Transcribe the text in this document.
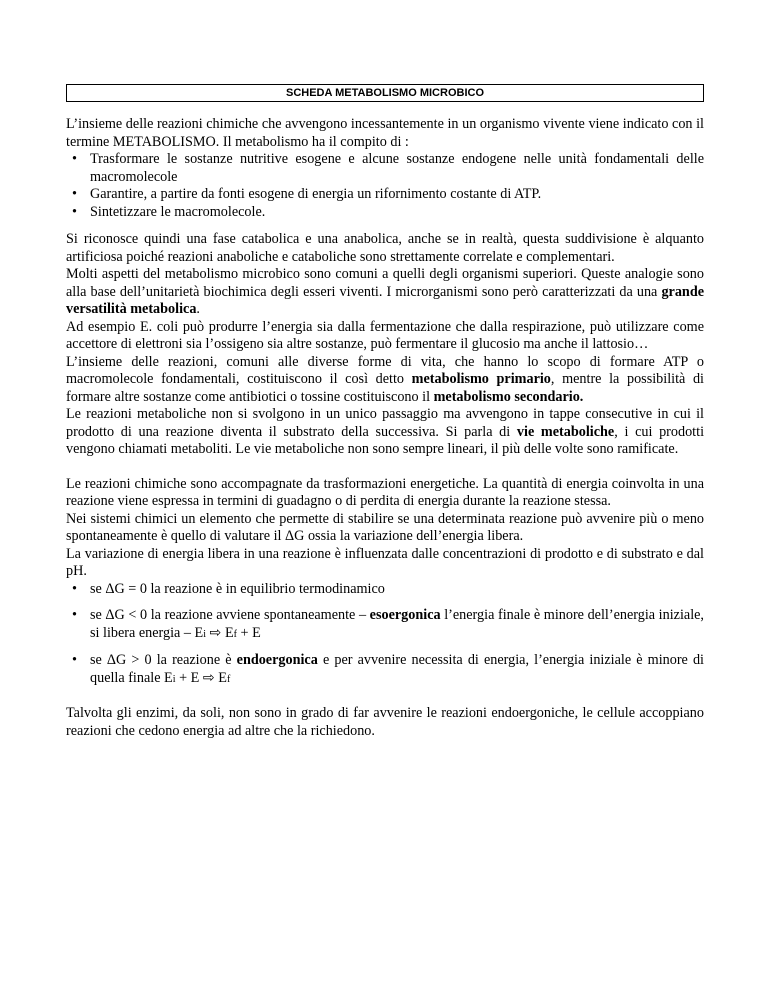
SCHEDA METABOLISMO MICROBICO

L’insieme delle reazioni chimiche che avvengono incessantemente in un organismo vivente viene indicato con il termine METABOLISMO. Il metabolismo ha il compito di :

• Trasformare le sostanze nutritive esogene e alcune sostanze endogene nelle unità fondamentali delle macromolecole
• Garantire, a partire da fonti esogene di energia un rifornimento costante di ATP.
• Sintetizzare le macromolecole.

Si riconosce quindi una fase catabolica e una anabolica, anche se in realtà, questa suddivisione è alquanto artificiosa poiché reazioni anaboliche e cataboliche sono strettamente correlate e complementari.

Molti aspetti del metabolismo microbico sono comuni a quelli degli organismi superiori. Queste analogie sono alla base dell’unitarietà biochimica degli esseri viventi. I microrganismi sono però caratterizzati da una grande versatilità metabolica.

Ad esempio E. coli può produrre l’energia sia dalla fermentazione che dalla respirazione, può utilizzare come accettore di elettroni sia l’ossigeno sia altre sostanze, può fermentare il glucosio ma anche il lattosio…

L’insieme delle reazioni, comuni alle diverse forme di vita, che hanno lo scopo di formare ATP o macromolecole fondamentali, costituiscono il così detto metabolismo primario, mentre la possibilità di formare altre sostanze come antibiotici o tossine costituiscono il metabolismo secondario.

Le reazioni metaboliche non si svolgono in un unico passaggio ma avvengono in tappe consecutive in cui il prodotto di una reazione diventa il substrato della successiva. Si parla di vie metaboliche, i cui prodotti vengono chiamati metaboliti. Le vie metaboliche non sono sempre lineari, il più delle volte sono ramificate.

Le reazioni chimiche sono accompagnate da trasformazioni energetiche. La quantità di energia coinvolta in una reazione viene espressa in termini di guadagno o di perdita di energia durante la reazione stessa.

Nei sistemi chimici un elemento che permette di stabilire se una determinata reazione può avvenire più o meno spontaneamente è quello di valutare il ΔG ossia la variazione dell’energia libera.

La variazione di energia libera in una reazione è influenzata dalle concentrazioni di prodotto e di substrato e dal pH.

• se ΔG = 0 la reazione è in equilibrio termodinamico
• se ΔG < 0 la reazione avviene spontaneamente – esoergonica l’energia finale è minore dell’energia iniziale, si libera energia – Ei ⇨ Ef + E
• se ΔG > 0 la reazione è endoergonica e per avvenire necessita di energia, l’energia iniziale è minore di quella finale Ei + E ⇨ Ef

Talvolta gli enzimi, da soli, non sono in grado di far avvenire le reazioni endoergoniche, le cellule accoppiano reazioni che cedono energia ad altre che la richiedono.
